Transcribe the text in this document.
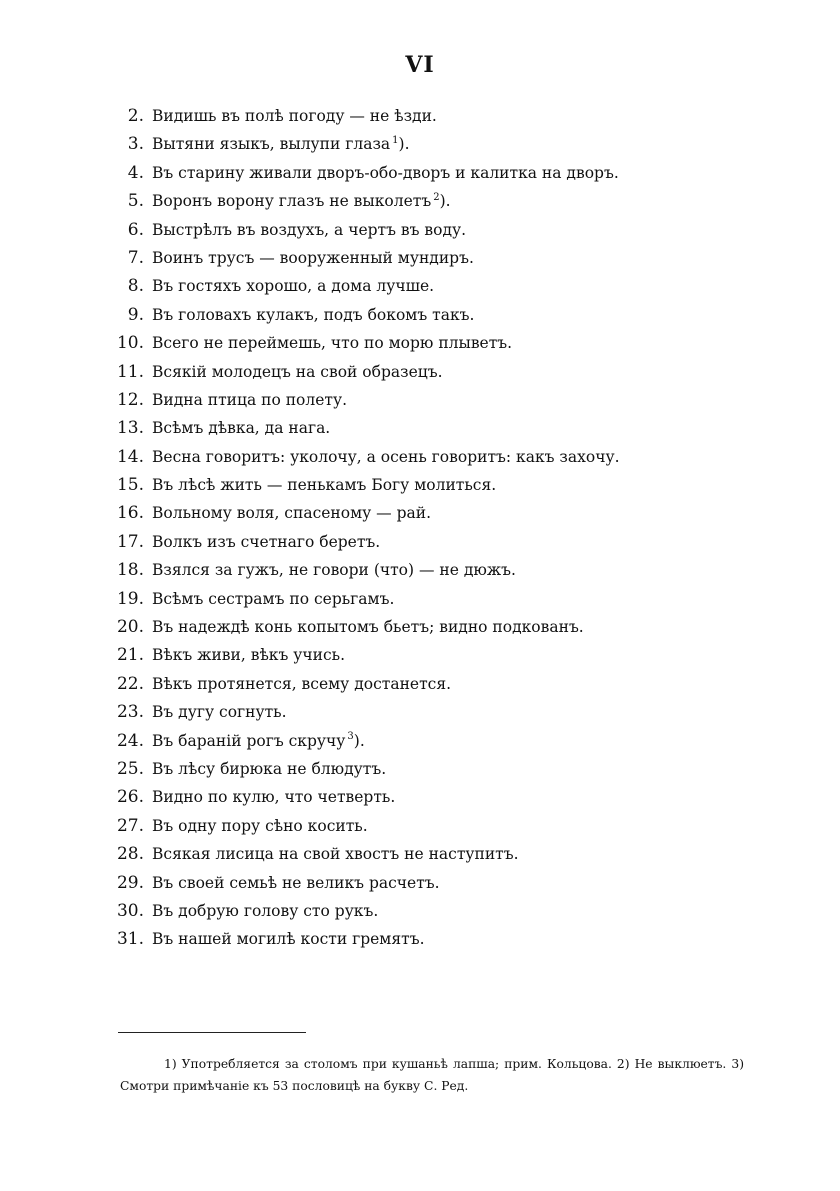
VI
2. Видишь въ полѣ погоду — не ѣзди.
3. Вытяни языкъ, вылупи глаза $^1$).
4. Въ старину живали дворъ-обо-дворъ и калитка на дворъ.
5. Воронъ ворону глазъ не выколетъ $^2$).
6. Выстрѣлъ въ воздухъ, а чертъ въ воду.
7. Воинъ трусъ — вооруженный мундиръ.
8. Въ гостяхъ хорошо, а дома лучше.
9. Въ головахъ кулакъ, подъ бокомъ такъ.
10. Всего не переймешь, что по морю плыветъ.
11. Всякій молодецъ на свой образецъ.
12. Видна птица по полету.
13. Всѣмъ дѣвка, да нага.
14. Весна говоритъ: уколочу, а осень говоритъ: какъ захочу.
15. Въ лѣсѣ жить — пенькамъ Богу молиться.
16. Вольному воля, спасеному — рай.
17. Волкъ изъ счетнаго беретъ.
18. Взялся за гужъ, не говори (что) — не дюжъ.
19. Всѣмъ сестрамъ по серьгамъ.
20. Въ надеждѣ конь копытомъ бьетъ; видно подкованъ.
21. Вѣкъ живи, вѣкъ учись.
22. Вѣкъ протянется, всему достанется.
23. Въ дугу согнуть.
24. Въ бараній рогъ скручу $^3$).
25. Въ лѣсу бирюка не блюдутъ.
26. Видно по кулю, что четверть.
27. Въ одну пору сѣно косить.
28. Всякая лисица на свой хвостъ не наступитъ.
29. Въ своей семьѣ не великъ расчетъ.
30. Въ добрую голову сто рукъ.
31. Въ нашей могилѣ кости гремятъ.

1) Употребляется за столомъ при кушаньѣ лапша; прим. Кольцова. 2) Не выклюетъ. 3) Смотри примѣчаніе къ 53 пословицѣ на букву С. Ред.
